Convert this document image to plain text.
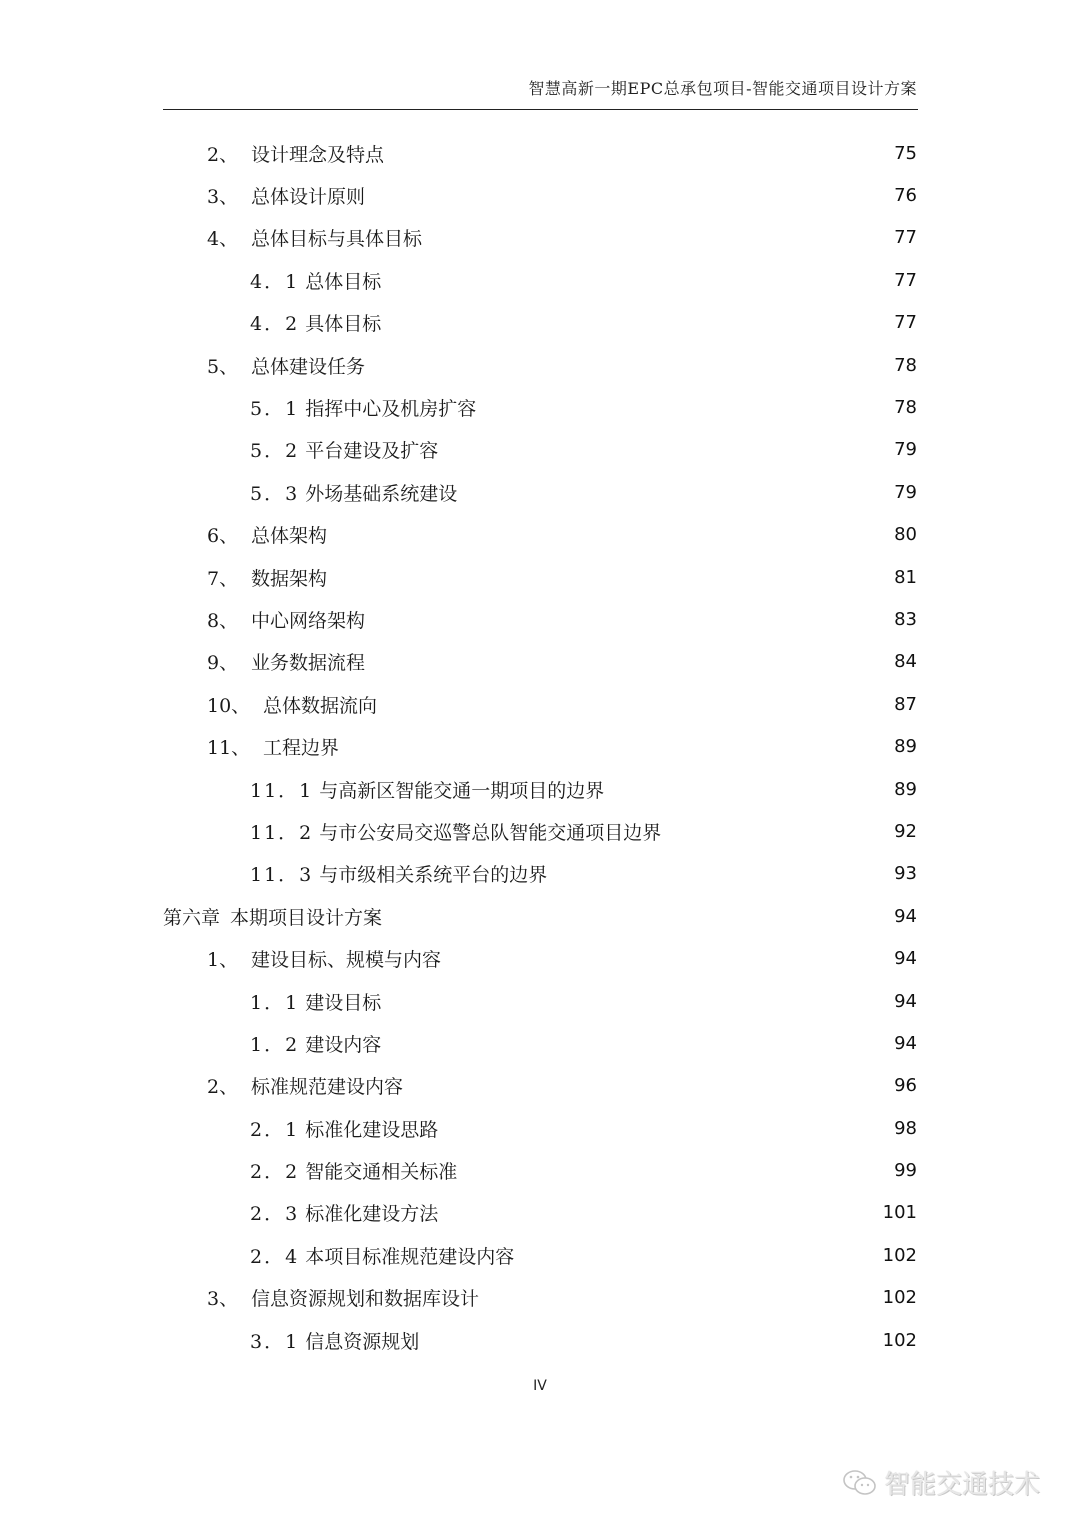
智慧高新一期EPC总承包项目-智能交通项目设计方案
2、 设计理念及特点	75
3、 总体设计原则	76
4、 总体目标与具体目标	77
4．1 总体目标	77
4．2 具体目标	77
5、 总体建设任务	78
5．1 指挥中心及机房扩容	78
5．2 平台建设及扩容	79
5．3 外场基础系统建设	79
6、 总体架构	80
7、 数据架构	81
8、 中心网络架构	83
9、 业务数据流程	84
10、 总体数据流向	87
11、 工程边界	89
11．1 与高新区智能交通一期项目的边界	89
11．2 与市公安局交巡警总队智能交通项目边界	92
11．3 与市级相关系统平台的边界	93
第六章 本期项目设计方案	94
1、 建设目标、规模与内容	94
1．1 建设目标	94
1．2 建设内容	94
2、 标准规范建设内容	96
2．1 标准化建设思路	98
2．2 智能交通相关标准	99
2．3 标准化建设方法	101
2．4 本项目标准规范建设内容	102
3、 信息资源规划和数据库设计	102
3．1 信息资源规划	102
IV
智能交通技术
